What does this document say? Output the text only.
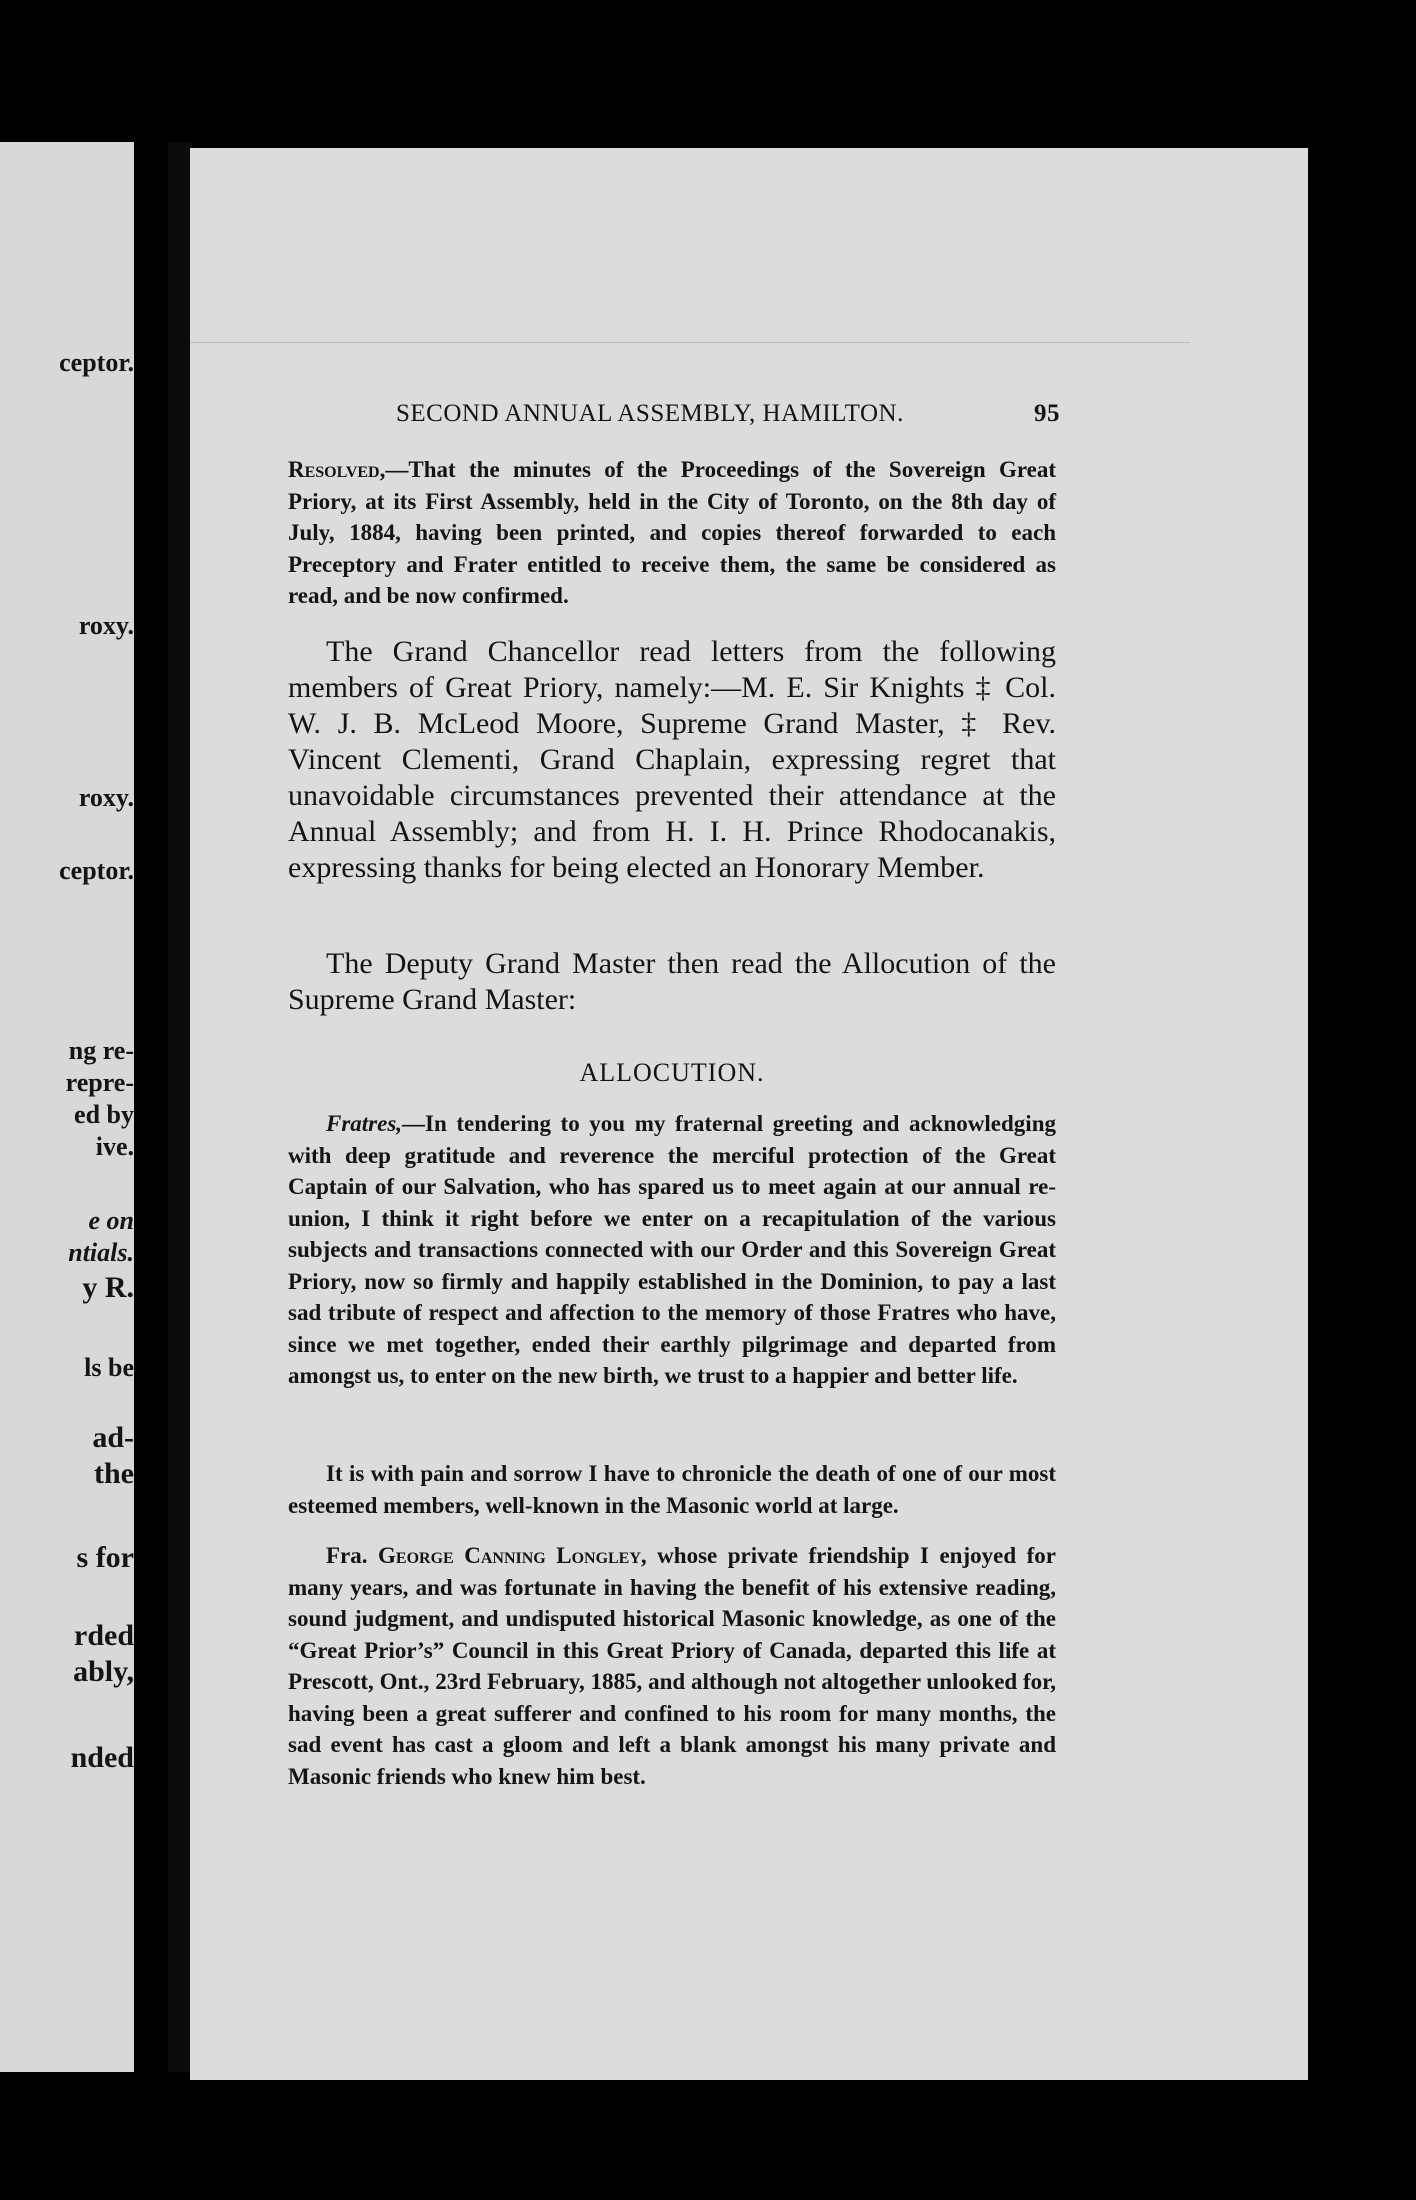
ceptor.
roxy.
roxy.
ceptor.
ng re-
repre-
ed by
ive.
e on
ntials.
y R.
ls be
ad-
the
s for
rded
ably,
nded
SECOND ANNUAL ASSEMBLY, HAMILTON.	95

Resolved,—That the minutes of the Proceedings of the Sovereign Great Priory, at its First Assembly, held in the City of Toronto, on the 8th day of July, 1884, having been printed, and copies thereof forwarded to each Preceptory and Frater entitled to receive them, the same be considered as read, and be now confirmed.

The Grand Chancellor read letters from the following members of Great Priory, namely:—M. E. Sir Knights ‡ Col. W. J. B. McLeod Moore, Supreme Grand Master, ‡ Rev. Vincent Clementi, Grand Chaplain, expressing regret that unavoidable circumstances prevented their attendance at the Annual Assembly; and from H. I. H. Prince Rhodocanakis, expressing thanks for being elected an Honorary Member.

The Deputy Grand Master then read the Allocution of the Supreme Grand Master:

ALLOCUTION.

Fratres,—In tendering to you my fraternal greeting and acknowledging with deep gratitude and reverence the merciful protection of the Great Captain of our Salvation, who has spared us to meet again at our annual re-union, I think it right before we enter on a recapitulation of the various subjects and transactions connected with our Order and this Sovereign Great Priory, now so firmly and happily established in the Dominion, to pay a last sad tribute of respect and affection to the memory of those Fratres who have, since we met together, ended their earthly pilgrimage and departed from amongst us, to enter on the new birth, we trust to a happier and better life.

It is with pain and sorrow I have to chronicle the death of one of our most esteemed members, well-known in the Masonic world at large.

Fra. George Canning Longley, whose private friendship I enjoyed for many years, and was fortunate in having the benefit of his extensive reading, sound judgment, and undisputed historical Masonic knowledge, as one of the “Great Prior’s” Council in this Great Priory of Canada, departed this life at Prescott, Ont., 23rd February, 1885, and although not altogether unlooked for, having been a great sufferer and confined to his room for many months, the sad event has cast a gloom and left a blank amongst his many private and Masonic friends who knew him best.
